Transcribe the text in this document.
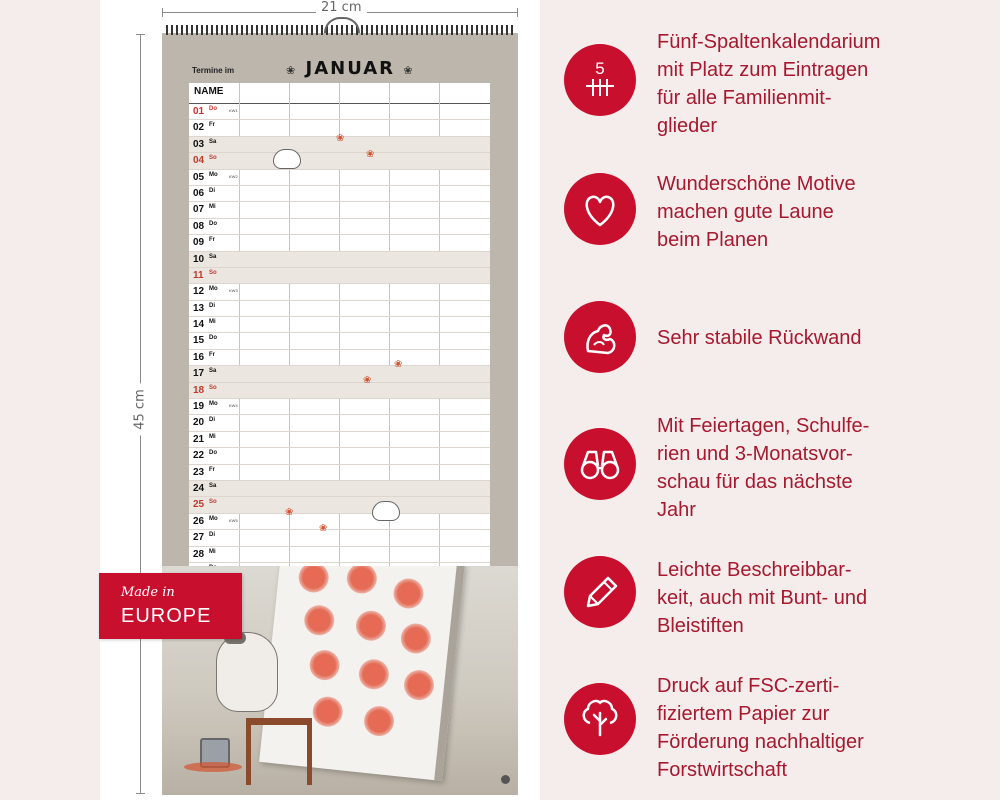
21 cm
45 cm
Termine im	❀ JANUAR ❀
NAME
01 Do	KW1
02 Fr
03 Sa
04 So
05 Mo	KW2
06 Di
07 Mi
08 Do
09 Fr
10 Sa
11 So
12 Mo	KW3
13 Di
14 Mi
15 Do
16 Fr
17 Sa
18 So
19 Mo	KW4
20 Di
21 Mi
22 Do
23 Fr
24 Sa
25 So
26 Mo	KW5
27 Di
28 Mi
❀
❀
❀
❀
❀
❀
Made in
EUROPE
5
Fünf-Spaltenkalendarium
mit Platz zum Eintragen
für alle Familienmit-
glieder
Wunderschöne Motive
machen gute Laune
beim Planen
Sehr stabile Rückwand
Mit Feiertagen, Schulfe-
rien und 3-Monatsvor-
schau für das nächste
Jahr
Leichte Beschreibbar-
keit, auch mit Bunt- und
Bleistiften
Druck auf FSC-zerti-
fiziertem Papier zur
Förderung nachhaltiger
Forstwirtschaft
